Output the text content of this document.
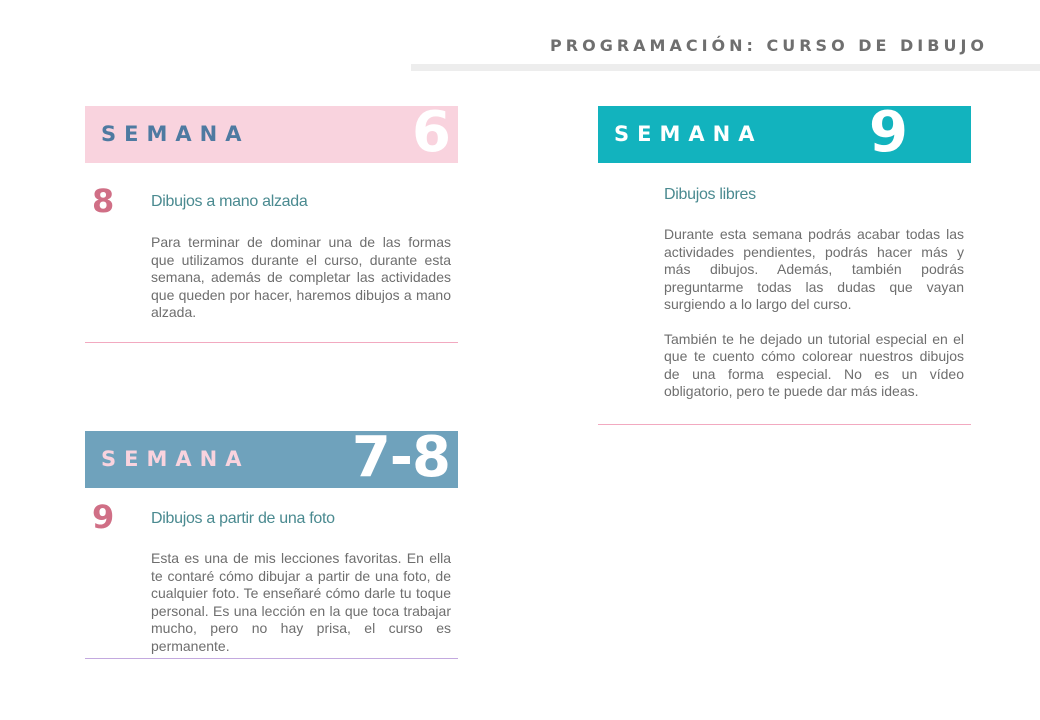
PROGRAMACIÓN: CURSO DE DIBUJO
SEMANA	6
8 Dibujos a mano alzada

Para terminar de dominar una de las formas que utilizamos durante el curso, durante esta semana, además de completar las actividades que queden por hacer, haremos dibujos a mano alzada.

SEMANA 7-8
9 Dibujos a partir de una foto

Esta es una de mis lecciones favoritas. En ella te contaré cómo dibujar a partir de una foto, de cualquier foto. Te enseñaré cómo darle tu toque personal. Es una lección en la que toca trabajar mucho, pero no hay prisa, el curso es permanente.

SEMANA 9
Dibujos libres

Durante esta semana podrás acabar todas las actividades pendientes, podrás hacer más y más dibujos. Además, también podrás preguntarme todas las dudas que vayan surgiendo a lo largo del curso.

También te he dejado un tutorial especial en el que te cuento cómo colorear nuestros dibujos de una forma especial. No es un vídeo obligatorio, pero te puede dar más ideas.
